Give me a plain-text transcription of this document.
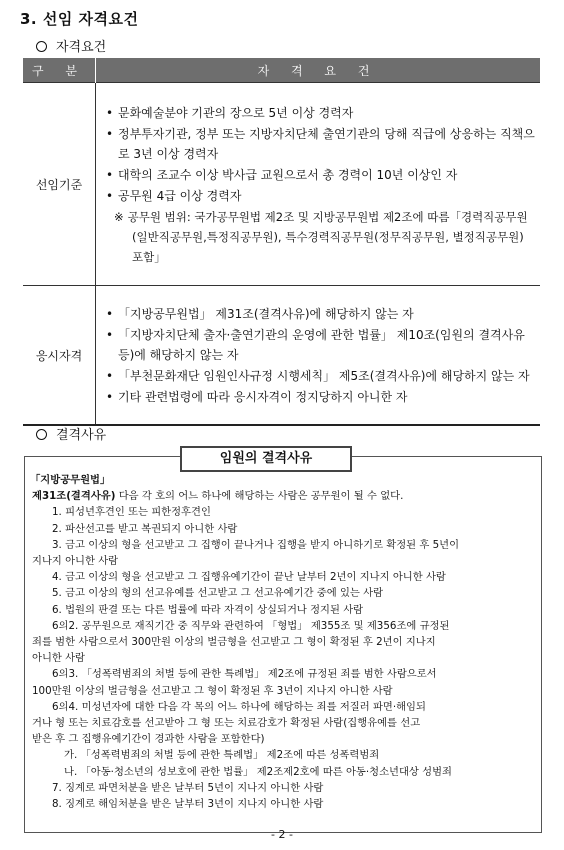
3. 선임 자격요건
자격요건
구 분	자 격 요 건
선임기준	• 문화예술분야 기관의 장으로 5년 이상 경력자
• 정부투자기관, 정부 또는 지방자치단체 출연기관의 당해 직급에 상응하는 직책으로 3년 이상 경력자
• 대학의 조교수 이상 박사급 교원으로서 총 경력이 10년 이상인 자
• 공무원 4급 이상 경력자
※ 공무원 범위: 국가공무원법 제2조 및 지방공무원법 제2조에 따름「경력직공무원(일반직공무원,특정직공무원), 특수경력직공무원(정무직공무원, 별정직공무원) 포함」

응시자격	• 「지방공무원법」 제31조(결격사유)에 해당하지 않는 자
• 「지방자치단체 출자·출연기관의 운영에 관한 법률」 제10조(임원의 결격사유 등)에 해당하지 않는 자
• 「부천문화재단 임원인사규정 시행세칙」 제5조(결격사유)에 해당하지 않는 자
• 기타 관련법령에 따라 응시자격이 정지당하지 아니한 자
결격사유
임원의 결격사유

「지방공무원법」

제31조(결격사유) 다음 각 호의 어느 하나에 해당하는 사람은 공무원이 될 수 없다.

1. 피성년후견인 또는 피한정후견인

2. 파산선고를 받고 복권되지 아니한 사람

3. 금고 이상의 형을 선고받고 그 집행이 끝나거나 집행을 받지 아니하기로 확정된 후 5년이

지나지 아니한 사람

4. 금고 이상의 형을 선고받고 그 집행유예기간이 끝난 날부터 2년이 지나지 아니한 사람

5. 금고 이상의 형의 선고유예를 선고받고 그 선고유예기간 중에 있는 사람

6. 법원의 판결 또는 다른 법률에 따라 자격이 상실되거나 정지된 사람

6의2. 공무원으로 재직기간 중 직무와 관련하여 「형법」 제355조 및 제356조에 규정된

죄를 범한 사람으로서 300만원 이상의 벌금형을 선고받고 그 형이 확정된 후 2년이 지나지

아니한 사람

6의3. 「성폭력범죄의 처벌 등에 관한 특례법」 제2조에 규정된 죄를 범한 사람으로서

100만원 이상의 벌금형을 선고받고 그 형이 확정된 후 3년이 지나지 아니한 사람

6의4. 미성년자에 대한 다음 각 목의 어느 하나에 해당하는 죄를 저질러 파면·해임되

거나 형 또는 치료감호를 선고받아 그 형 또는 치료감호가 확정된 사람(집행유예를 선고

받은 후 그 집행유예기간이 경과한 사람을 포함한다)

가. 「성폭력범죄의 처벌 등에 관한 특례법」 제2조에 따른 성폭력범죄

나. 「아동·청소년의 성보호에 관한 법률」 제2조제2호에 따른 아동·청소년대상 성범죄

7. 징계로 파면처분을 받은 날부터 5년이 지나지 아니한 사람

8. 징계로 해임처분을 받은 날부터 3년이 지나지 아니한 사람

- 2 -
